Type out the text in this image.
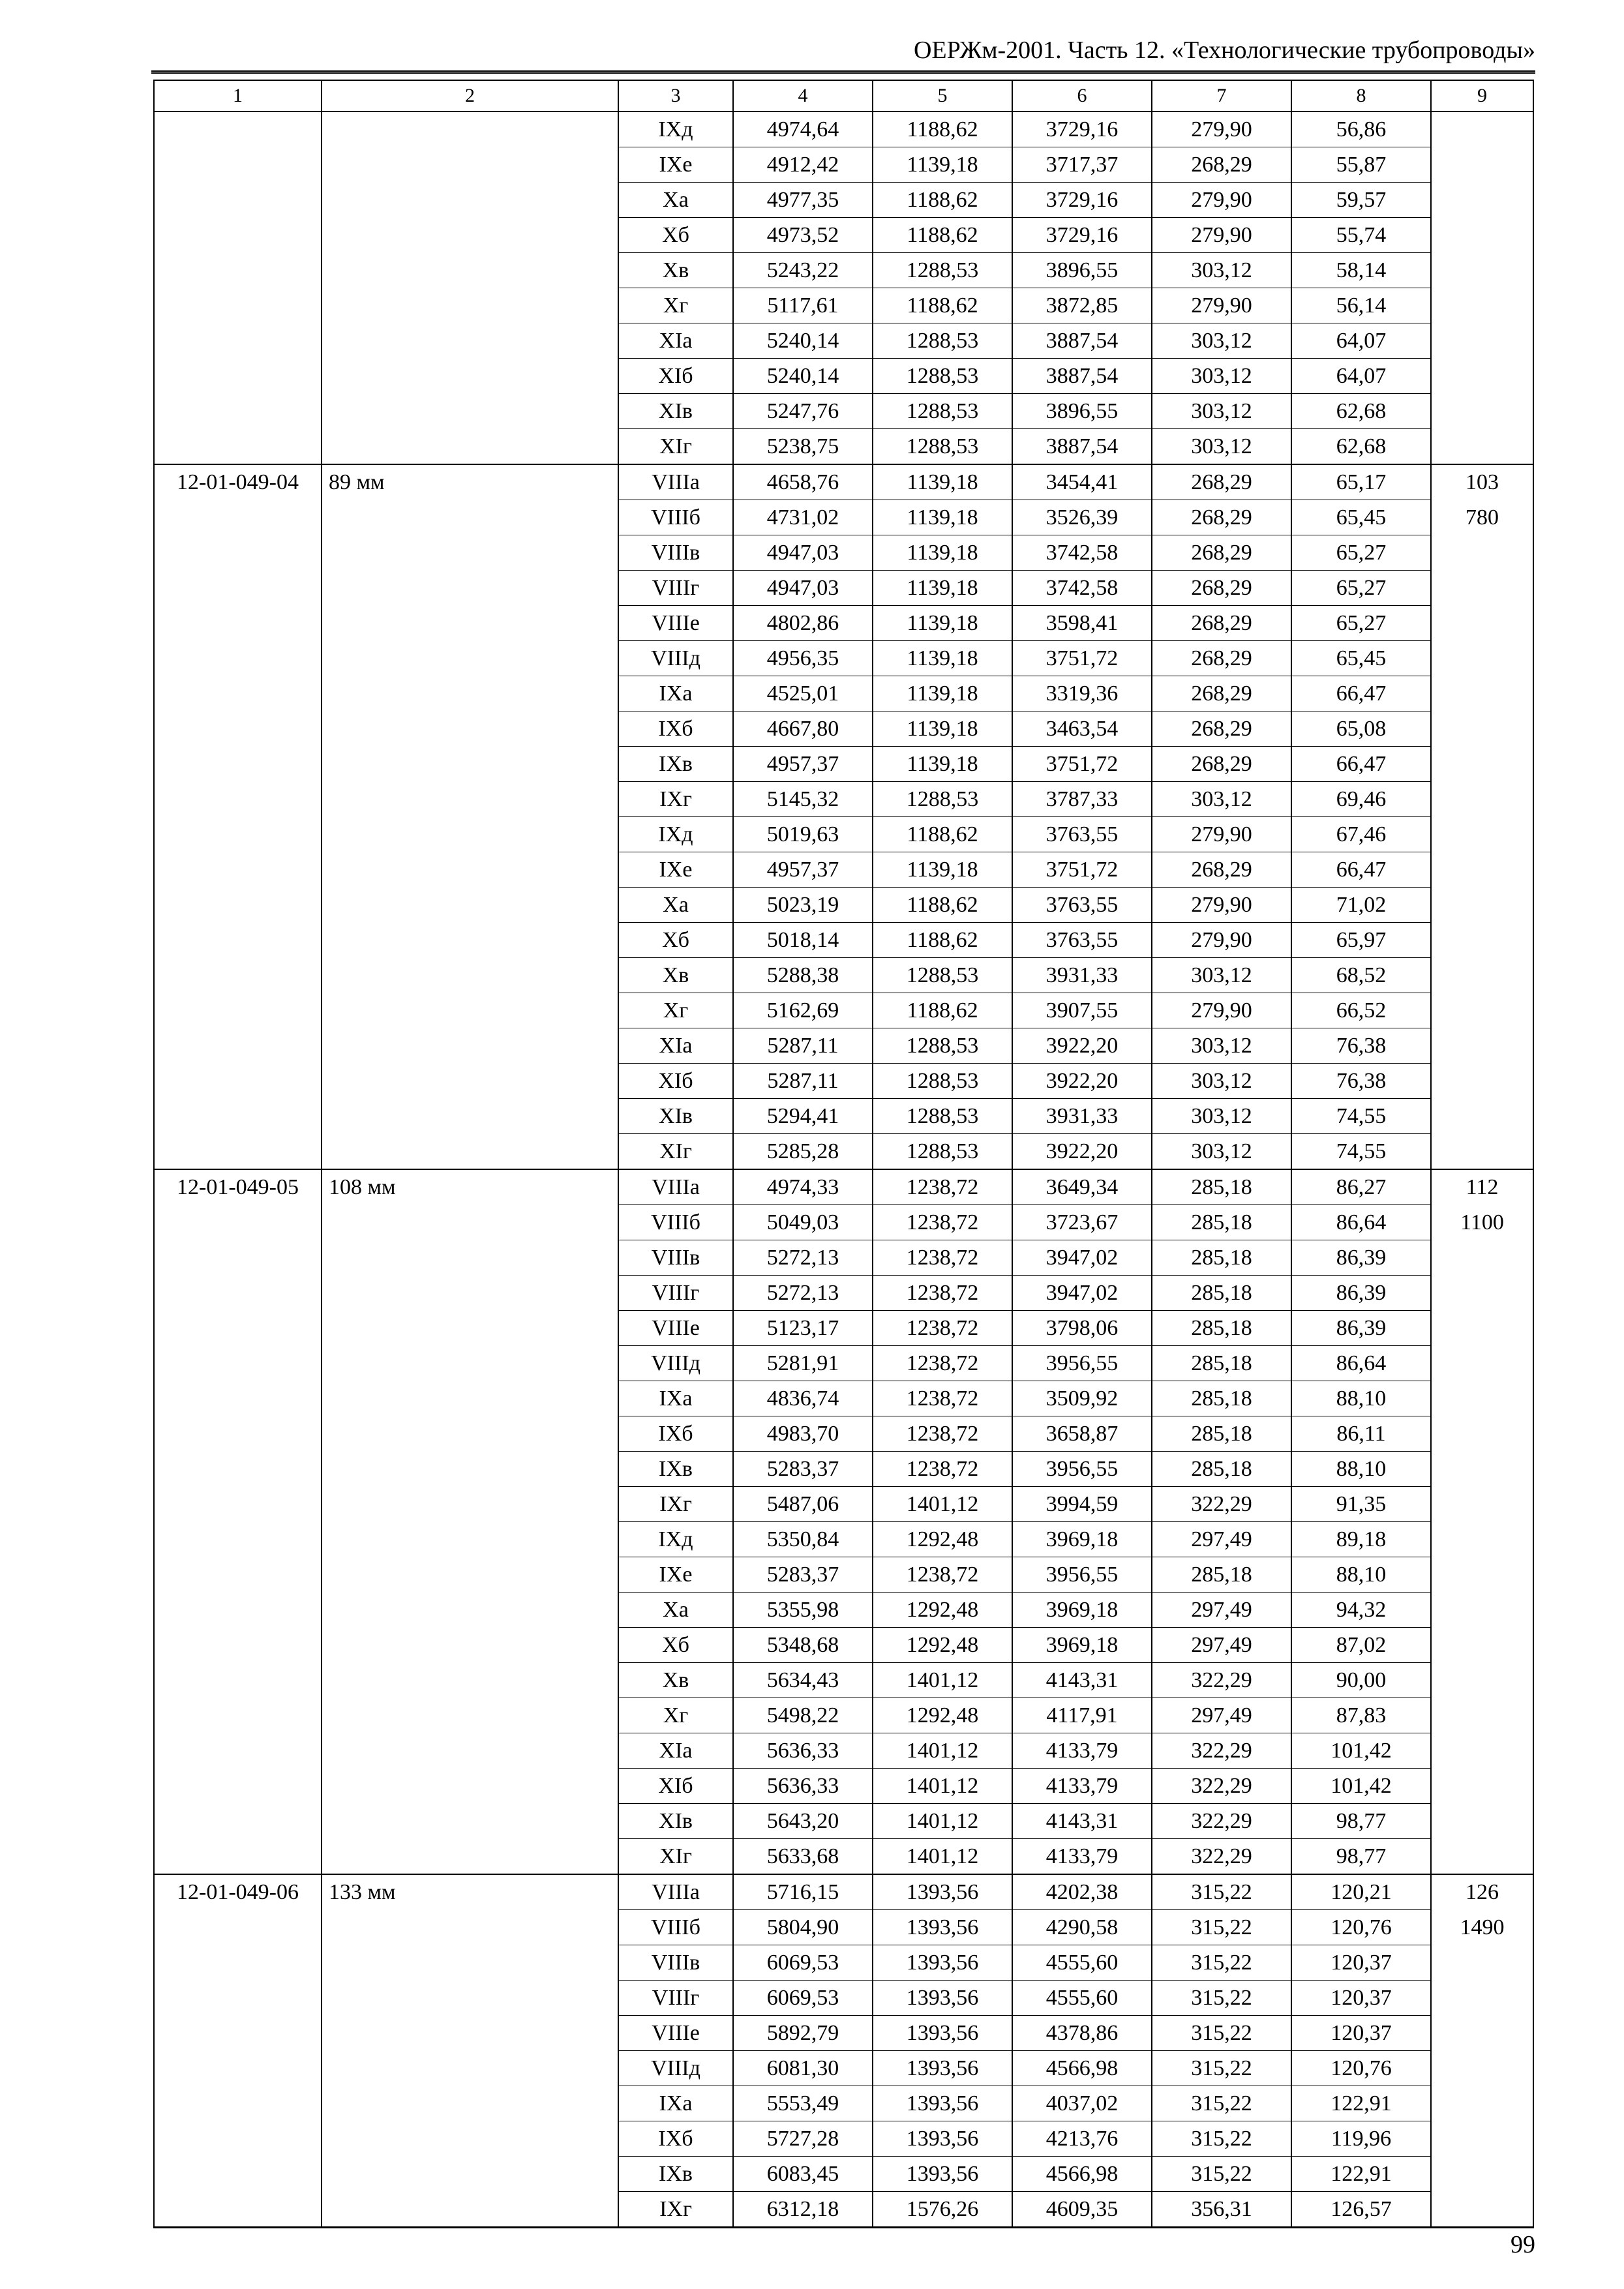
ОЕРЖм-2001. Часть 12. «Технологические трубопроводы»
1	2	3	4	5	6	7	8	9
		IXд	4974,64	1188,62	3729,16	279,90	56,86	
		IXe	4912,42	1139,18	3717,37	268,29	55,87	
		Xa	4977,35	1188,62	3729,16	279,90	59,57	
		Xб	4973,52	1188,62	3729,16	279,90	55,74	
		Xв	5243,22	1288,53	3896,55	303,12	58,14	
		Xг	5117,61	1188,62	3872,85	279,90	56,14	
		XIa	5240,14	1288,53	3887,54	303,12	64,07	
		XIб	5240,14	1288,53	3887,54	303,12	64,07	
		XIв	5247,76	1288,53	3896,55	303,12	62,68	
		XIг	5238,75	1288,53	3887,54	303,12	62,68	
12-01-049-04	89 мм	VIIIa	4658,76	1139,18	3454,41	268,29	65,17	103
		VIIIб	4731,02	1139,18	3526,39	268,29	65,45	780
		VIIIв	4947,03	1139,18	3742,58	268,29	65,27	
		VIIIг	4947,03	1139,18	3742,58	268,29	65,27	
		VIIIe	4802,86	1139,18	3598,41	268,29	65,27	
		VIIIд	4956,35	1139,18	3751,72	268,29	65,45	
		IXa	4525,01	1139,18	3319,36	268,29	66,47	
		IXб	4667,80	1139,18	3463,54	268,29	65,08	
		IXв	4957,37	1139,18	3751,72	268,29	66,47	
		IXг	5145,32	1288,53	3787,33	303,12	69,46	
		IXд	5019,63	1188,62	3763,55	279,90	67,46	
		IXe	4957,37	1139,18	3751,72	268,29	66,47	
		Xa	5023,19	1188,62	3763,55	279,90	71,02	
		Xб	5018,14	1188,62	3763,55	279,90	65,97	
		Xв	5288,38	1288,53	3931,33	303,12	68,52	
		Xг	5162,69	1188,62	3907,55	279,90	66,52	
		XIa	5287,11	1288,53	3922,20	303,12	76,38	
		XIб	5287,11	1288,53	3922,20	303,12	76,38	
		XIв	5294,41	1288,53	3931,33	303,12	74,55	
		XIг	5285,28	1288,53	3922,20	303,12	74,55	
12-01-049-05	108 мм	VIIIa	4974,33	1238,72	3649,34	285,18	86,27	112
		VIIIб	5049,03	1238,72	3723,67	285,18	86,64	1100
		VIIIв	5272,13	1238,72	3947,02	285,18	86,39	
		VIIIг	5272,13	1238,72	3947,02	285,18	86,39	
		VIIIe	5123,17	1238,72	3798,06	285,18	86,39	
		VIIIд	5281,91	1238,72	3956,55	285,18	86,64	
		IXa	4836,74	1238,72	3509,92	285,18	88,10	
		IXб	4983,70	1238,72	3658,87	285,18	86,11	
		IXв	5283,37	1238,72	3956,55	285,18	88,10	
		IXг	5487,06	1401,12	3994,59	322,29	91,35	
		IXд	5350,84	1292,48	3969,18	297,49	89,18	
		IXe	5283,37	1238,72	3956,55	285,18	88,10	
		Xa	5355,98	1292,48	3969,18	297,49	94,32	
		Xб	5348,68	1292,48	3969,18	297,49	87,02	
		Xв	5634,43	1401,12	4143,31	322,29	90,00	
		Xг	5498,22	1292,48	4117,91	297,49	87,83	
		XIa	5636,33	1401,12	4133,79	322,29	101,42	
		XIб	5636,33	1401,12	4133,79	322,29	101,42	
		XIв	5643,20	1401,12	4143,31	322,29	98,77	
		XIг	5633,68	1401,12	4133,79	322,29	98,77	
12-01-049-06	133 мм	VIIIa	5716,15	1393,56	4202,38	315,22	120,21	126
		VIIIб	5804,90	1393,56	4290,58	315,22	120,76	1490
		VIIIв	6069,53	1393,56	4555,60	315,22	120,37	
		VIIIг	6069,53	1393,56	4555,60	315,22	120,37	
		VIIIe	5892,79	1393,56	4378,86	315,22	120,37	
		VIIIд	6081,30	1393,56	4566,98	315,22	120,76	
		IXa	5553,49	1393,56	4037,02	315,22	122,91	
		IXб	5727,28	1393,56	4213,76	315,22	119,96	
		IXв	6083,45	1393,56	4566,98	315,22	122,91	
		IXг	6312,18	1576,26	4609,35	356,31	126,57	
99
